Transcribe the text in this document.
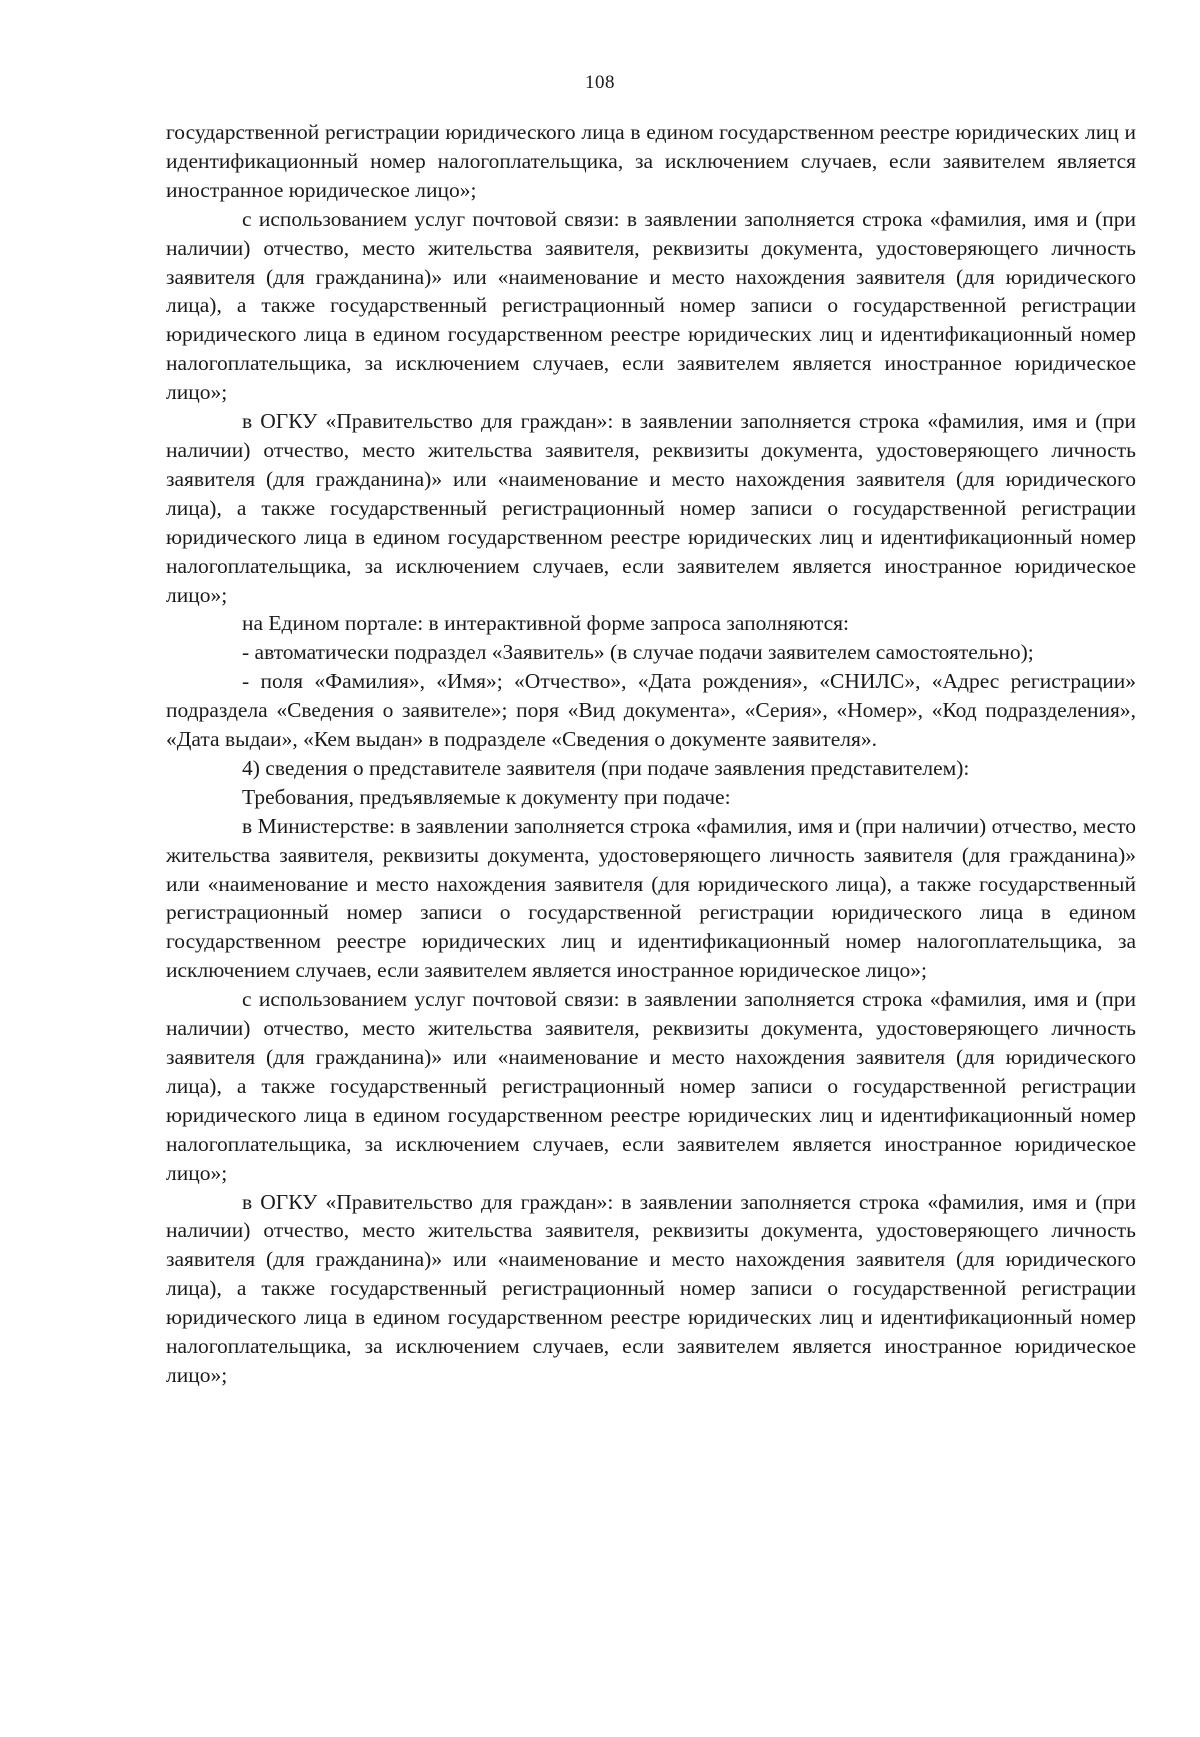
108

государственной регистрации юридического лица в едином государственном реестре юридических лиц и идентификационный номер налогоплательщика, за исключением случаев, если заявителем является иностранное юридическое лицо»;

с использованием услуг почтовой связи: в заявлении заполняется строка «фамилия, имя и (при наличии) отчество, место жительства заявителя, реквизиты документа, удостоверяющего личность заявителя (для гражданина)» или «наименование и место нахождения заявителя (для юридического лица), а также государственный регистрационный номер записи о государственной регистрации юридического лица в едином государственном реестре юридических лиц и идентификационный номер налогоплательщика, за исключением случаев, если заявителем является иностранное юридическое лицо»;

в ОГКУ «Правительство для граждан»: в заявлении заполняется строка «фамилия, имя и (при наличии) отчество, место жительства заявителя, реквизиты документа, удостоверяющего личность заявителя (для гражданина)» или «наименование и место нахождения заявителя (для юридического лица), а также государственный регистрационный номер записи о государственной регистрации юридического лица в едином государственном реестре юридических лиц и идентификационный номер налогоплательщика, за исключением случаев, если заявителем является иностранное юридическое лицо»;

на Едином портале: в интерактивной форме запроса заполняются:

- автоматически подраздел «Заявитель» (в случае подачи заявителем самостоятельно);

- поля «Фамилия», «Имя»; «Отчество», «Дата рождения», «СНИЛС», «Адрес регистрации» подраздела «Сведения о заявителе»; поря «Вид документа», «Серия», «Номер», «Код подразделения», «Дата выдаи», «Кем выдан» в подразделе «Сведения о документе заявителя».

4) сведения о представителе заявителя (при подаче заявления представителем):

Требования, предъявляемые к документу при подаче:

в Министерстве: в заявлении заполняется строка «фамилия, имя и (при наличии) отчество, место жительства заявителя, реквизиты документа, удостоверяющего личность заявителя (для гражданина)» или «наименование и место нахождения заявителя (для юридического лица), а также государственный регистрационный номер записи о государственной регистрации юридического лица в едином государственном реестре юридических лиц и идентификационный номер налогоплательщика, за исключением случаев, если заявителем является иностранное юридическое лицо»;

с использованием услуг почтовой связи: в заявлении заполняется строка «фамилия, имя и (при наличии) отчество, место жительства заявителя, реквизиты документа, удостоверяющего личность заявителя (для гражданина)» или «наименование и место нахождения заявителя (для юридического лица), а также государственный регистрационный номер записи о государственной регистрации юридического лица в едином государственном реестре юридических лиц и идентификационный номер налогоплательщика, за исключением случаев, если заявителем является иностранное юридическое лицо»;

в ОГКУ «Правительство для граждан»: в заявлении заполняется строка «фамилия, имя и (при наличии) отчество, место жительства заявителя, реквизиты документа, удостоверяющего личность заявителя (для гражданина)» или «наименование и место нахождения заявителя (для юридического лица), а также государственный регистрационный номер записи о государственной регистрации юридического лица в едином государственном реестре юридических лиц и идентификационный номер налогоплательщика, за исключением случаев, если заявителем является иностранное юридическое лицо»;
